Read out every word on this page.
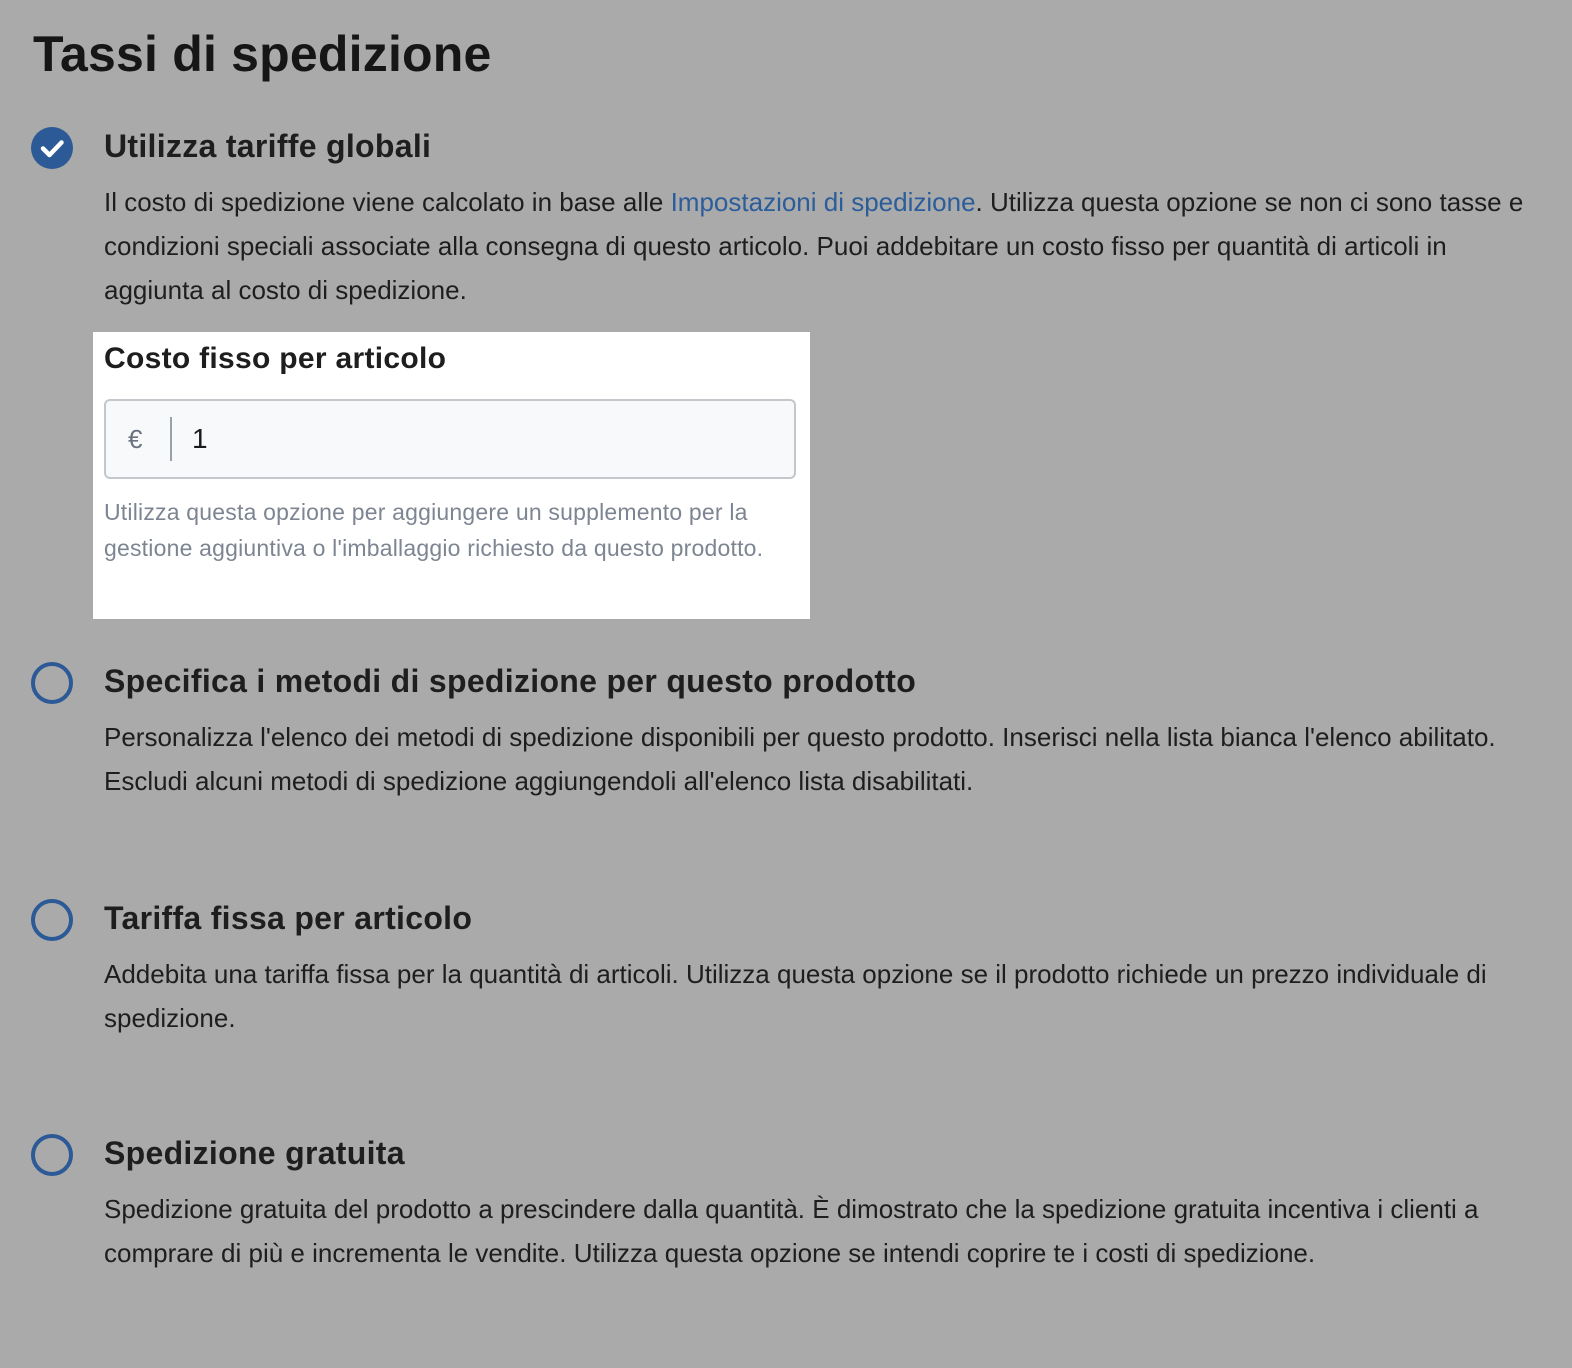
Tassi di spedizione
Utilizza tariffe globali

Il costo di spedizione viene calcolato in base alle Impostazioni di spedizione. Utilizza questa opzione se non ci sono tasse e condizioni speciali associate alla consegna di questo articolo. Puoi addebitare un costo fisso per quantità di articoli in aggiunta al costo di spedizione.

Costo fisso per articolo
€
1

Utilizza questa opzione per aggiungere un supplemento per la gestione aggiuntiva o l'imballaggio richiesto da questo prodotto.

Specifica i metodi di spedizione per questo prodotto

Personalizza l'elenco dei metodi di spedizione disponibili per questo prodotto. Inserisci nella lista bianca l'elenco abilitato. Escludi alcuni metodi di spedizione aggiungendoli all'elenco lista disabilitati.

Tariffa fissa per articolo

Addebita una tariffa fissa per la quantità di articoli. Utilizza questa opzione se il prodotto richiede un prezzo individuale di spedizione.

Spedizione gratuita

Spedizione gratuita del prodotto a prescindere dalla quantità. È dimostrato che la spedizione gratuita incentiva i clienti a comprare di più e incrementa le vendite. Utilizza questa opzione se intendi coprire te i costi di spedizione.
